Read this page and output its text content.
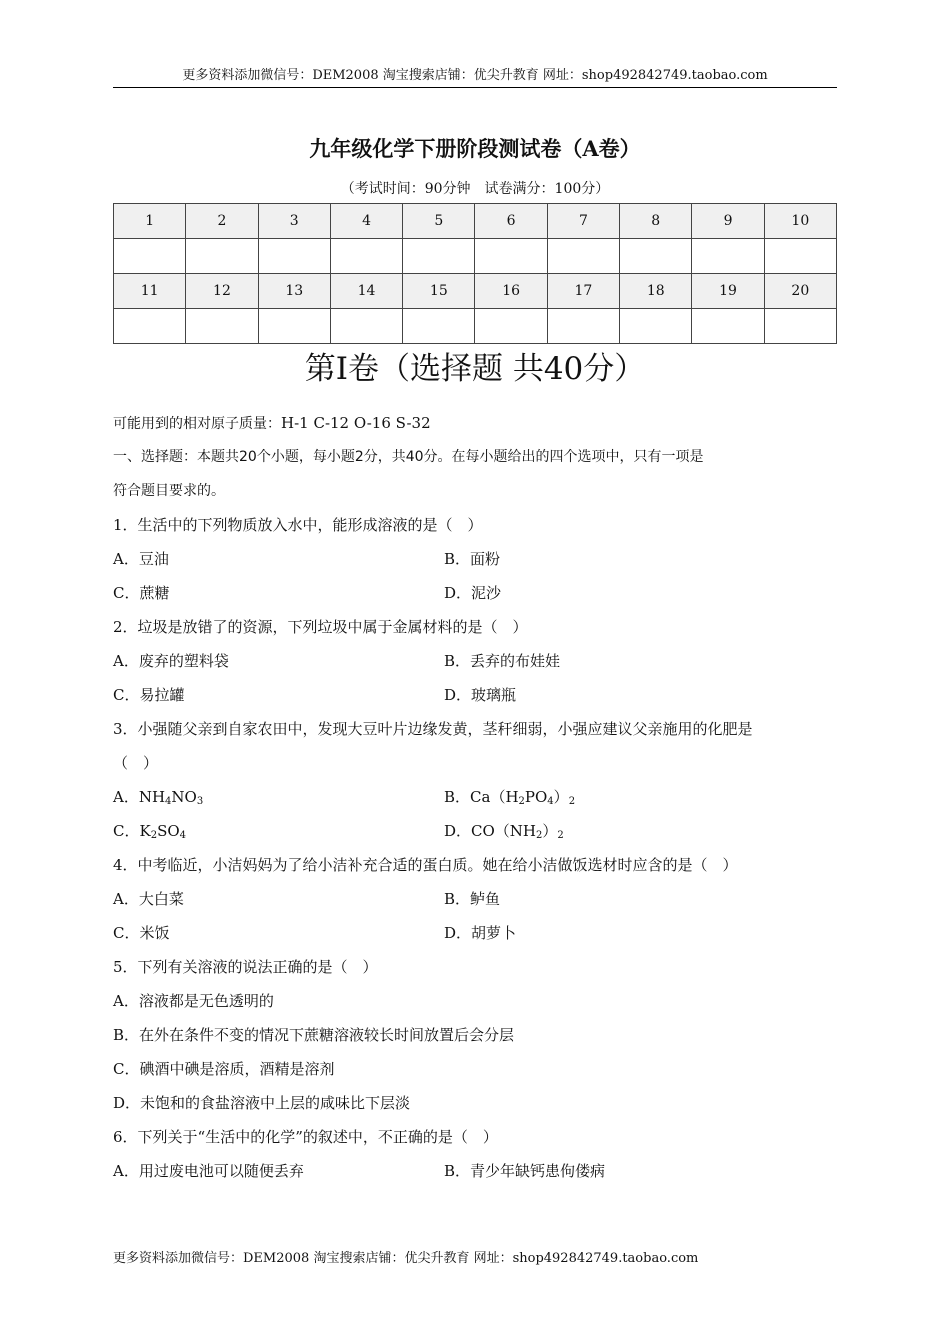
更多资料添加微信号：DEM2008 淘宝搜索店铺：优尖升教育 网址：shop492842749.taobao.com
九年级化学下册阶段测试卷（A卷）
（考试时间：90分钟　试卷满分：100分）
1	2	3	4	5	6	7	8	9	10

11	12	13	14	15	16	17	18	19	20

第Ⅰ卷（选择题 共40分）
可能用到的相对原子质量：H-1 C-12 O-16 S-32
一、选择题：本题共20个小题，每小题2分，共40分。在每小题给出的四个选项中，只有一项是
符合题目要求的。
1．生活中的下列物质放入水中，能形成溶液的是（　）
A．豆油	B．面粉
C．蔗糖	D．泥沙
2．垃圾是放错了的资源，下列垃圾中属于金属材料的是（　）
A．废弃的塑料袋	B．丢弃的布娃娃
C．易拉罐	D．玻璃瓶
3．小强随父亲到自家农田中，发现大豆叶片边缘发黄，茎秆细弱，小强应建议父亲施用的化肥是
（　）
A．$NH_4NO_3$	B．$Ca(H_2PO_4)_2$
C．$K_2SO_4$	D．$CO(NH_2)_2$
4．中考临近，小洁妈妈为了给小洁补充合适的蛋白质。她在给小洁做饭选材时应含的是（　）
A．大白菜	B．鲈鱼
C．米饭	D．胡萝卜
5．下列有关溶液的说法正确的是（　）
A．溶液都是无色透明的
B．在外在条件不变的情况下蔗糖溶液较长时间放置后会分层
C．碘酒中碘是溶质，酒精是溶剂
D．未饱和的食盐溶液中上层的咸味比下层淡
6．下列关于“生活中的化学”的叙述中，不正确的是（　）
A．用过废电池可以随便丢弃	B．青少年缺钙患佝偻病
更多资料添加微信号：DEM2008 淘宝搜索店铺：优尖升教育 网址：shop492842749.taobao.com
